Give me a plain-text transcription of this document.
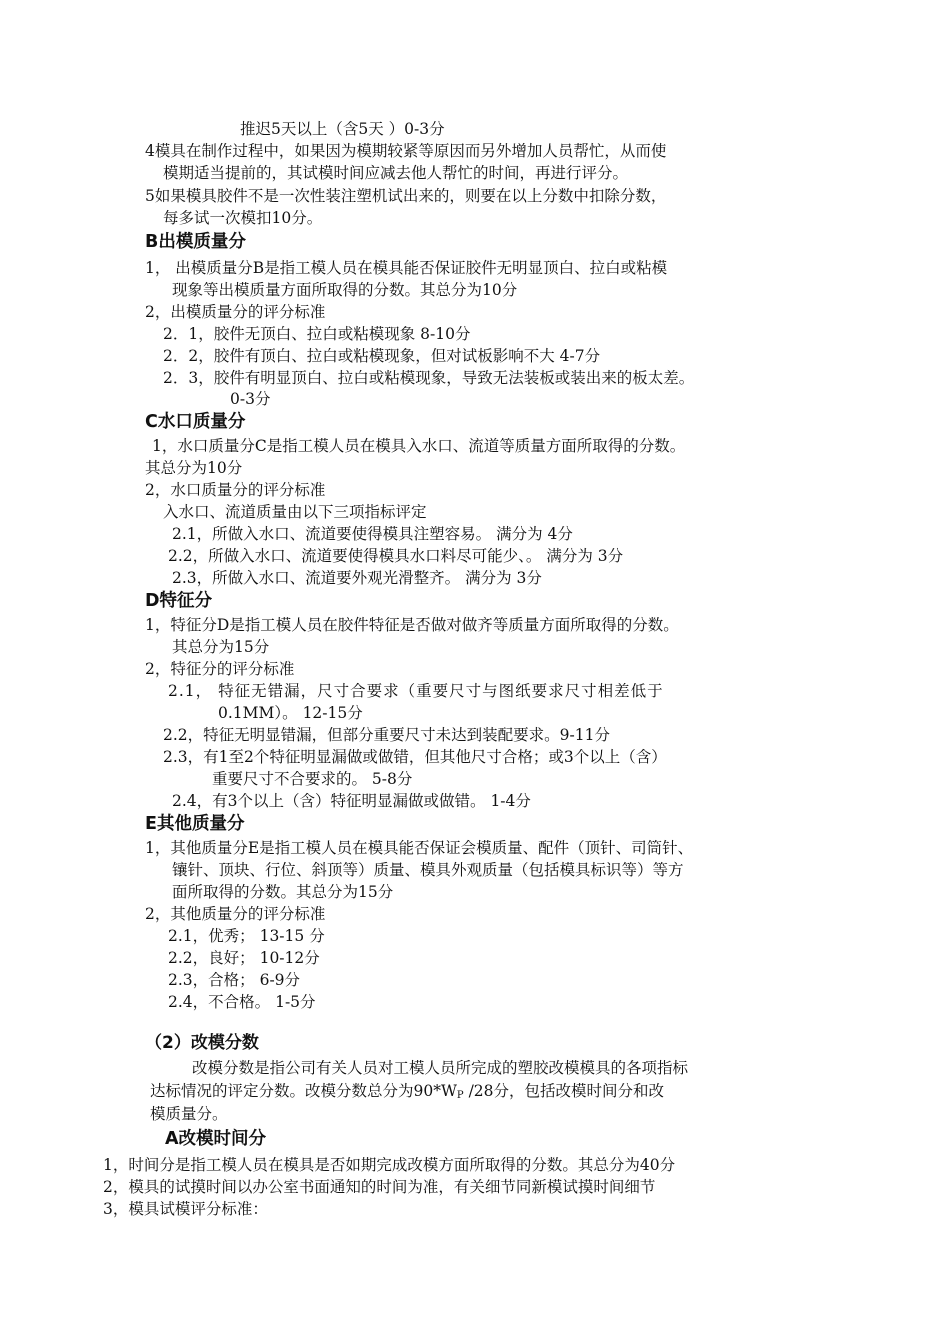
推迟5天以上（含5天 ）0-3分
4模具在制作过程中，如果因为模期较紧等原因而另外增加人员帮忙，从而使
模期适当提前的，其试模时间应减去他人帮忙的时间，再进行评分。
5如果模具胶件不是一次性装注塑机试出来的，则要在以上分数中扣除分数，
每多试一次模扣10分。
B出模质量分
1， 出模质量分B是指工模人员在模具能否保证胶件无明显顶白、拉白或粘模
现象等出模质量方面所取得的分数。其总分为10分
2，出模质量分的评分标准
2．1，胶件无顶白、拉白或粘模现象 8-10分
2．2，胶件有顶白、拉白或粘模现象，但对试板影响不大 4-7分
2．3，胶件有明显顶白、拉白或粘模现象，导致无法装板或装出来的板太差。
0-3分
C水口质量分
1，水口质量分C是指工模人员在模具入水口、流道等质量方面所取得的分数。
其总分为10分
2，水口质量分的评分标准
入水口、流道质量由以下三项指标评定
2.1，所做入水口、流道要使得模具注塑容易。 满分为 4分
2.2，所做入水口、流道要使得模具水口料尽可能少、。 满分为 3分
2.3，所做入水口、流道要外观光滑整齐。 满分为 3分
D特征分
1，特征分D是指工模人员在胶件特征是否做对做齐等质量方面所取得的分数。
其总分为15分
2，特征分的评分标准
2.1， 特征无错漏，尺寸合要求（重要尺寸与图纸要求尺寸相差低于
0.1MM）。 12-15分
2.2，特征无明显错漏，但部分重要尺寸未达到装配要求。9-11分
2.3，有1至2个特征明显漏做或做错，但其他尺寸合格；或3个以上（含）
重要尺寸不合要求的。 5-8分
2.4，有3个以上（含）特征明显漏做或做错。 1-4分
E其他质量分
1，其他质量分E是指工模人员在模具能否保证会模质量、配件（顶针、司筒针、
镶针、顶块、行位、斜顶等）质量、模具外观质量（包括模具标识等）等方
面所取得的分数。其总分为15分
2，其他质量分的评分标准
2.1，优秀； 13-15 分
2.2，良好； 10-12分
2.3，合格； 6-9分
2.4，不合格。 1-5分
（2）改模分数
改模分数是指公司有关人员对工模人员所完成的塑胶改模模具的各项指标
达标情况的评定分数。改模分数总分为$90*W_P$ /28分，包括改模时间分和改
模质量分。
A改模时间分
1，时间分是指工模人员在模具是否如期完成改模方面所取得的分数。其总分为40分
2，模具的试摸时间以办公室书面通知的时间为准，有关细节同新模试摸时间细节
3，模具试模评分标准：
